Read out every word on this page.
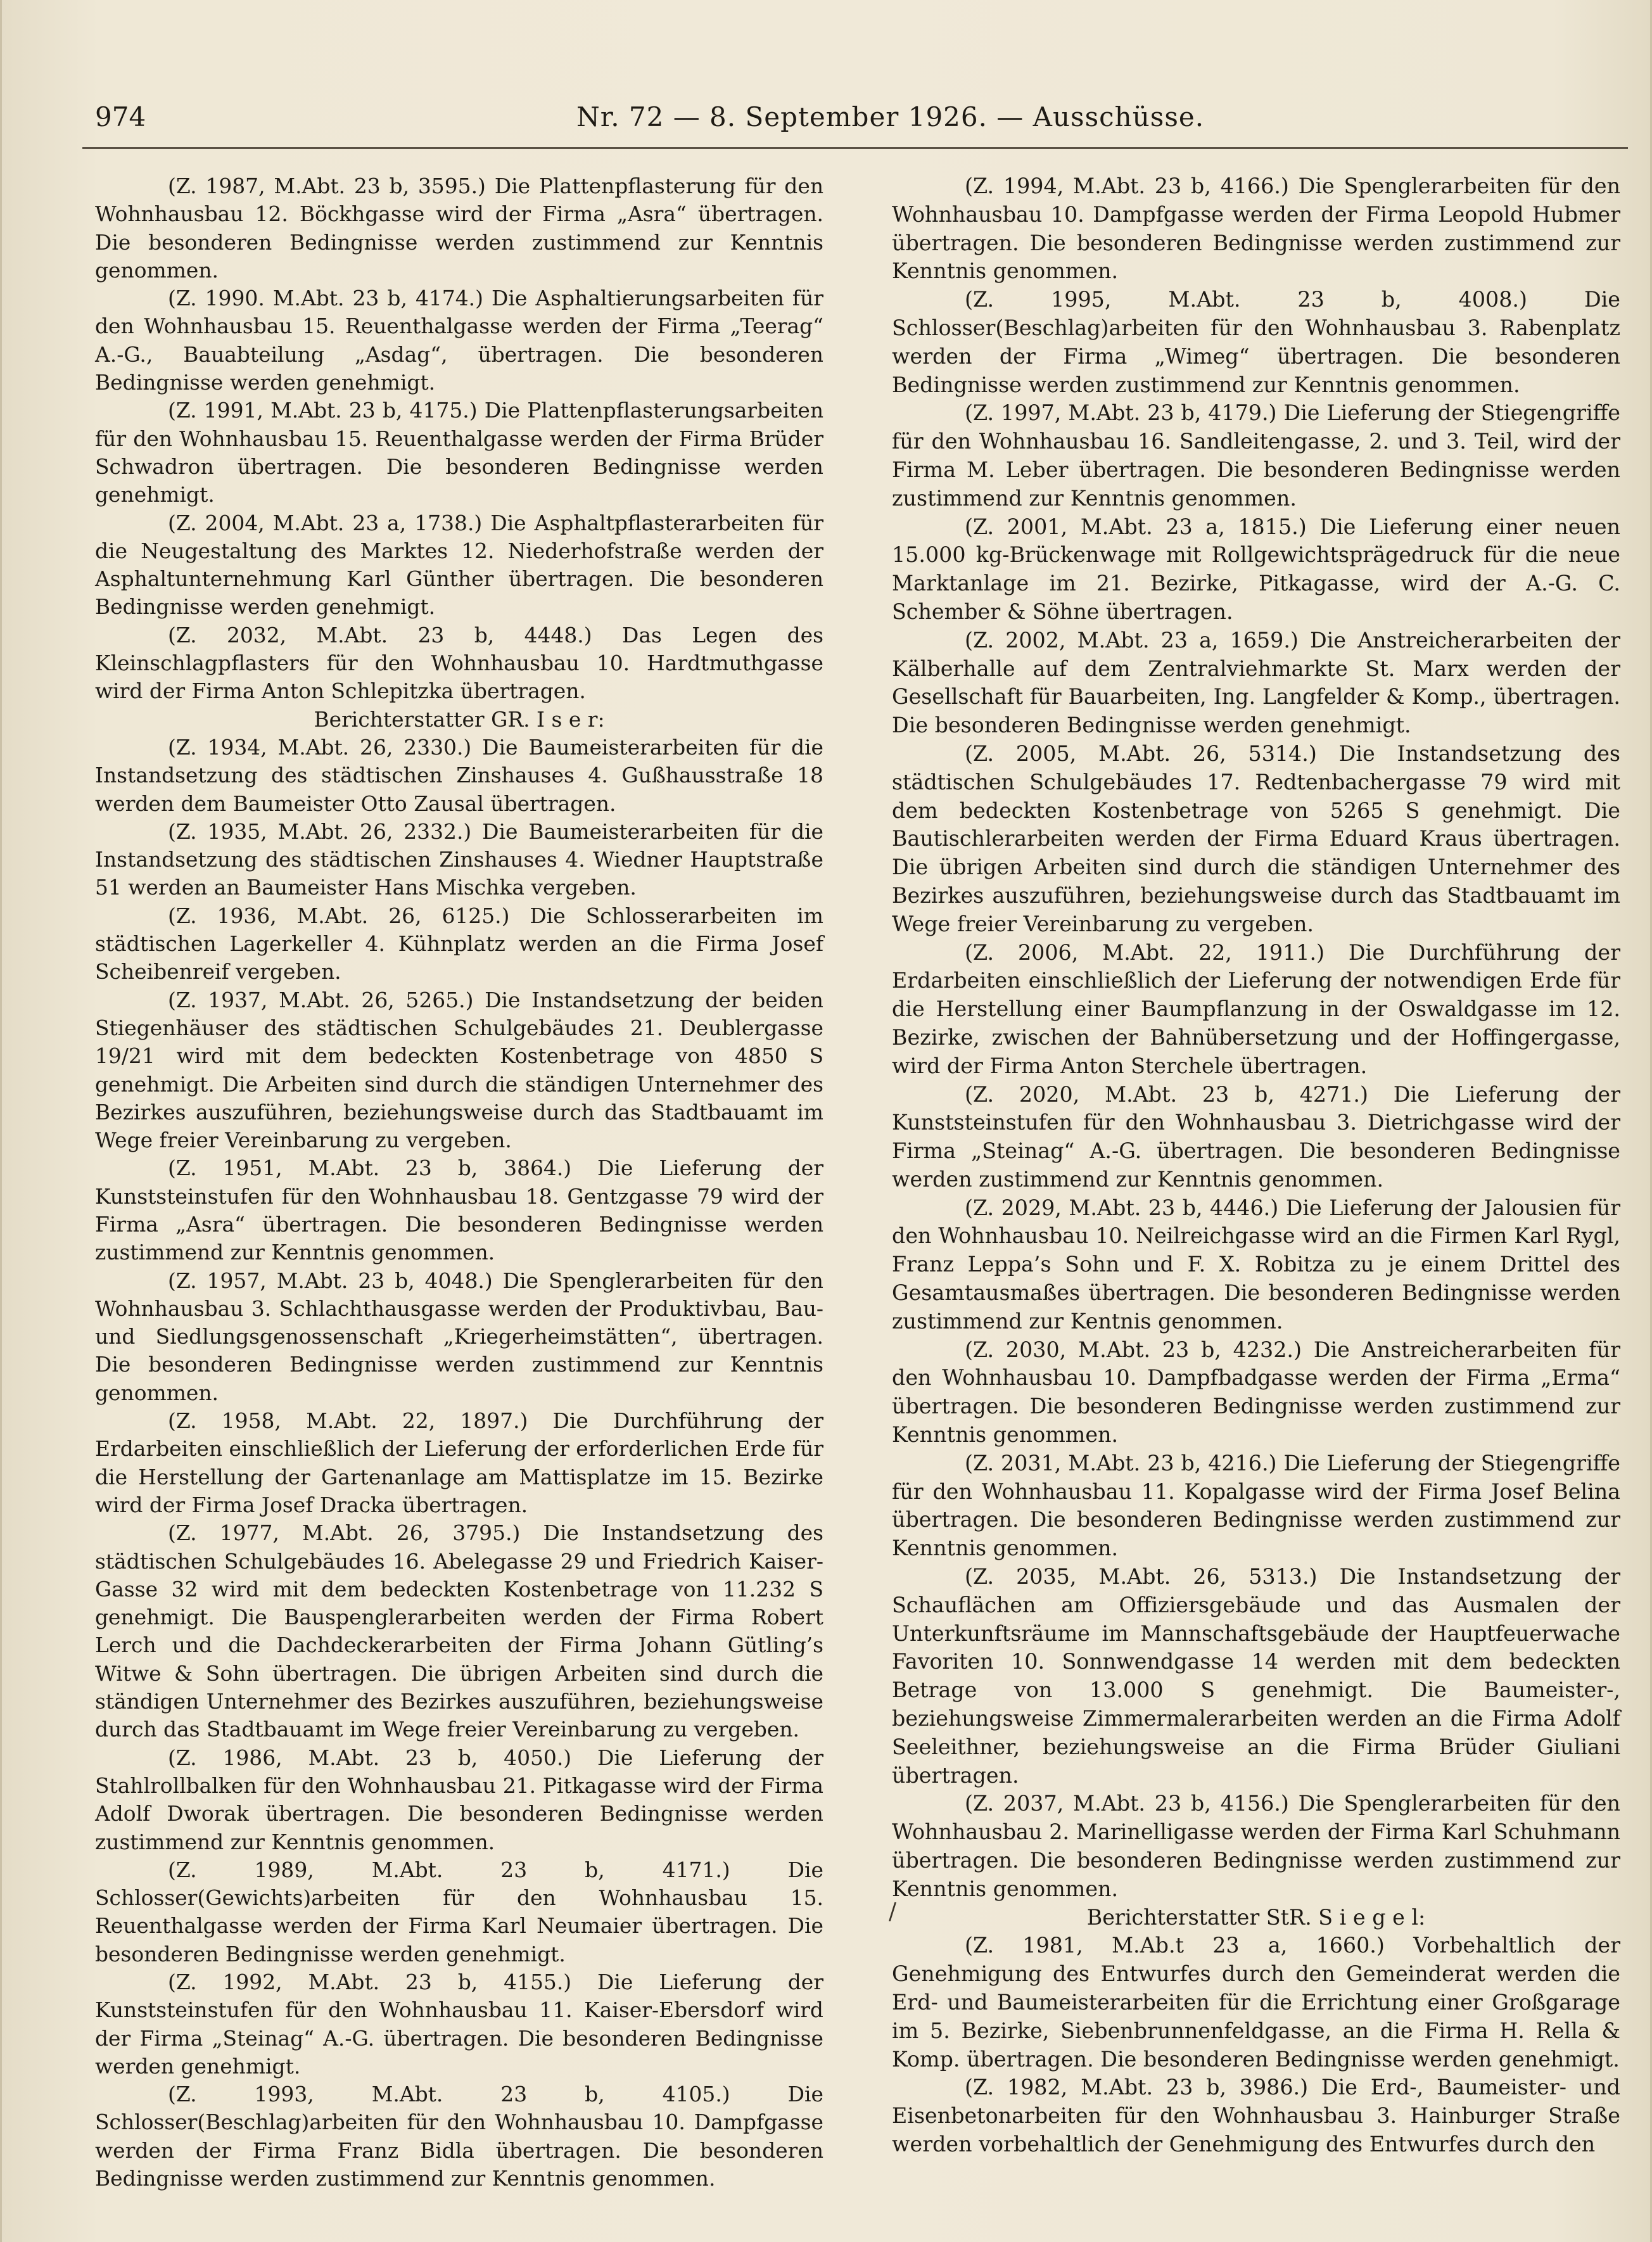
974	Nr. 72 — 8. September 1926. — Ausschüsse.

(Z. 1987, M.Abt. 23 b, 3595.) Die Plattenpflasterung für den Wohnhausbau 12. Böckhgasse wird der Firma „Asra“ übertragen. Die besonderen Bedingnisse werden zustimmend zur Kenntnis genommen.

(Z. 1990. M.Abt. 23 b, 4174.) Die Asphaltierungsarbeiten für den Wohnhausbau 15. Reuenthalgasse werden der Firma „Teerag“ A.-G., Bauabteilung „Asdag“, übertragen. Die besonderen Bedingnisse werden genehmigt.

(Z. 1991, M.Abt. 23 b, 4175.) Die Plattenpflasterungsarbeiten für den Wohnhausbau 15. Reuenthalgasse werden der Firma Brüder Schwadron übertragen. Die besonderen Bedingnisse werden genehmigt.

(Z. 2004, M.Abt. 23 a, 1738.) Die Asphaltpflasterarbeiten für die Neugestaltung des Marktes 12. Niederhofstraße werden der Asphaltunternehmung Karl Günther übertragen. Die besonderen Bedingnisse werden genehmigt.

(Z. 2032, M.Abt. 23 b, 4448.) Das Legen des Kleinschlagpflasters für den Wohnhausbau 10. Hardtmuthgasse wird der Firma Anton Schlepitzka übertragen.

Berichterstatter GR. I s e r:

(Z. 1934, M.Abt. 26, 2330.) Die Baumeisterarbeiten für die Instandsetzung des städtischen Zinshauses 4. Gußhausstraße 18 werden dem Baumeister Otto Zausal übertragen.

(Z. 1935, M.Abt. 26, 2332.) Die Baumeisterarbeiten für die Instandsetzung des städtischen Zinshauses 4. Wiedner Hauptstraße 51 werden an Baumeister Hans Mischka vergeben.

(Z. 1936, M.Abt. 26, 6125.) Die Schlosserarbeiten im städtischen Lagerkeller 4. Kühnplatz werden an die Firma Josef Scheibenreif vergeben.

(Z. 1937, M.Abt. 26, 5265.) Die Instandsetzung der beiden Stiegenhäuser des städtischen Schulgebäudes 21. Deublergasse 19/21 wird mit dem bedeckten Kostenbetrage von 4850 S genehmigt. Die Arbeiten sind durch die ständigen Unternehmer des Bezirkes auszuführen, beziehungsweise durch das Stadtbauamt im Wege freier Vereinbarung zu vergeben.

(Z. 1951, M.Abt. 23 b, 3864.) Die Lieferung der Kunststeinstufen für den Wohnhausbau 18. Gentzgasse 79 wird der Firma „Asra“ übertragen. Die besonderen Bedingnisse werden zustimmend zur Kenntnis genommen.

(Z. 1957, M.Abt. 23 b, 4048.) Die Spenglerarbeiten für den Wohnhausbau 3. Schlachthausgasse werden der Produktivbau, Bau- und Siedlungsgenossenschaft „Kriegerheimstätten“, übertragen. Die besonderen Bedingnisse werden zustimmend zur Kenntnis genommen.

(Z. 1958, M.Abt. 22, 1897.) Die Durchführung der Erdarbeiten einschließlich der Lieferung der erforderlichen Erde für die Herstellung der Gartenanlage am Mattisplatze im 15. Bezirke wird der Firma Josef Dracka übertragen.

(Z. 1977, M.Abt. 26, 3795.) Die Instandsetzung des städtischen Schulgebäudes 16. Abelegasse 29 und Friedrich Kaiser-Gasse 32 wird mit dem bedeckten Kostenbetrage von 11.232 S genehmigt. Die Bauspenglerarbeiten werden der Firma Robert Lerch und die Dachdeckerarbeiten der Firma Johann Gütling’s Witwe & Sohn übertragen. Die übrigen Arbeiten sind durch die ständigen Unternehmer des Bezirkes auszuführen, beziehungsweise durch das Stadtbauamt im Wege freier Vereinbarung zu vergeben.

(Z. 1986, M.Abt. 23 b, 4050.) Die Lieferung der Stahlrollbalken für den Wohnhausbau 21. Pitkagasse wird der Firma Adolf Dworak übertragen. Die besonderen Bedingnisse werden zustimmend zur Kenntnis genommen.

(Z. 1989, M.Abt. 23 b, 4171.) Die Schlosser(Gewichts)arbeiten für den Wohnhausbau 15. Reuenthalgasse werden der Firma Karl Neumaier übertragen. Die besonderen Bedingnisse werden genehmigt.

(Z. 1992, M.Abt. 23 b, 4155.) Die Lieferung der Kunststeinstufen für den Wohnhausbau 11. Kaiser-Ebersdorf wird der Firma „Steinag“ A.-G. übertragen. Die besonderen Bedingnisse werden genehmigt.

(Z. 1993, M.Abt. 23 b, 4105.) Die Schlosser(Beschlag)arbeiten für den Wohnhausbau 10. Dampfgasse werden der Firma Franz Bidla übertragen. Die besonderen Bedingnisse werden zustimmend zur Kenntnis genommen.

(Z. 1994, M.Abt. 23 b, 4166.) Die Spenglerarbeiten für den Wohnhausbau 10. Dampfgasse werden der Firma Leopold Hubmer übertragen. Die besonderen Bedingnisse werden zustimmend zur Kenntnis genommen.

(Z. 1995, M.Abt. 23 b, 4008.) Die Schlosser(Beschlag)arbeiten für den Wohnhausbau 3. Rabenplatz werden der Firma „Wimeg“ übertragen. Die besonderen Bedingnisse werden zustimmend zur Kenntnis genommen.

(Z. 1997, M.Abt. 23 b, 4179.) Die Lieferung der Stiegengriffe für den Wohnhausbau 16. Sandleitengasse, 2. und 3. Teil, wird der Firma M. Leber übertragen. Die besonderen Bedingnisse werden zustimmend zur Kenntnis genommen.

(Z. 2001, M.Abt. 23 a, 1815.) Die Lieferung einer neuen 15.000 kg-Brückenwage mit Rollgewichtsprägedruck für die neue Marktanlage im 21. Bezirke, Pitkagasse, wird der A.-G. C. Schember & Söhne übertragen.

(Z. 2002, M.Abt. 23 a, 1659.) Die Anstreicherarbeiten der Kälberhalle auf dem Zentralviehmarkte St. Marx werden der Gesellschaft für Bauarbeiten, Ing. Langfelder & Komp., übertragen. Die besonderen Bedingnisse werden genehmigt.

(Z. 2005, M.Abt. 26, 5314.) Die Instandsetzung des städtischen Schulgebäudes 17. Redtenbachergasse 79 wird mit dem bedeckten Kostenbetrage von 5265 S genehmigt. Die Bautischlerarbeiten werden der Firma Eduard Kraus übertragen. Die übrigen Arbeiten sind durch die ständigen Unternehmer des Bezirkes auszuführen, beziehungsweise durch das Stadtbauamt im Wege freier Vereinbarung zu vergeben.

(Z. 2006, M.Abt. 22, 1911.) Die Durchführung der Erdarbeiten einschließlich der Lieferung der notwendigen Erde für die Herstellung einer Baumpflanzung in der Oswaldgasse im 12. Bezirke, zwischen der Bahnübersetzung und der Hoffingergasse, wird der Firma Anton Sterchele übertragen.

(Z. 2020, M.Abt. 23 b, 4271.) Die Lieferung der Kunststeinstufen für den Wohnhausbau 3. Dietrichgasse wird der Firma „Steinag“ A.-G. übertragen. Die besonderen Bedingnisse werden zustimmend zur Kenntnis genommen.

(Z. 2029, M.Abt. 23 b, 4446.) Die Lieferung der Jalousien für den Wohnhausbau 10. Neilreichgasse wird an die Firmen Karl Rygl, Franz Leppa’s Sohn und F. X. Robitza zu je einem Drittel des Gesamtausmaßes übertragen. Die besonderen Bedingnisse werden zustimmend zur Kentnis genommen.

(Z. 2030, M.Abt. 23 b, 4232.) Die Anstreicherarbeiten für den Wohnhausbau 10. Dampfbadgasse werden der Firma „Erma“ übertragen. Die besonderen Bedingnisse werden zustimmend zur Kenntnis genommen.

(Z. 2031, M.Abt. 23 b, 4216.) Die Lieferung der Stiegengriffe für den Wohnhausbau 11. Kopalgasse wird der Firma Josef Belina übertragen. Die besonderen Bedingnisse werden zustimmend zur Kenntnis genommen.

(Z. 2035, M.Abt. 26, 5313.) Die Instandsetzung der Schauflächen am Offiziersgebäude und das Ausmalen der Unterkunftsräume im Mannschaftsgebäude der Hauptfeuerwache Favoriten 10. Sonnwendgasse 14 werden mit dem bedeckten Betrage von 13.000 S genehmigt. Die Baumeister-, beziehungsweise Zimmermalerarbeiten werden an die Firma Adolf Seeleithner, beziehungsweise an die Firma Brüder Giuliani übertragen.

(Z. 2037, M.Abt. 23 b, 4156.) Die Spenglerarbeiten für den Wohnhausbau 2. Marinelligasse werden der Firma Karl Schuhmann übertragen. Die besonderen Bedingnisse werden zustimmend zur Kenntnis genommen.

Berichterstatter StR. S i e g e l:

(Z. 1981, M.Ab.t 23 a, 1660.) Vorbehaltlich der Genehmigung des Entwurfes durch den Gemeinderat werden die Erd- und Baumeisterarbeiten für die Errichtung einer Großgarage im 5. Bezirke, Siebenbrunnenfeldgasse, an die Firma H. Rella & Komp. übertragen. Die besonderen Bedingnisse werden genehmigt.

(Z. 1982, M.Abt. 23 b, 3986.) Die Erd-, Baumeister- und Eisenbetonarbeiten für den Wohnhausbau 3. Hainburger Straße werden vorbehaltlich der Genehmigung des Entwurfes durch den

/
